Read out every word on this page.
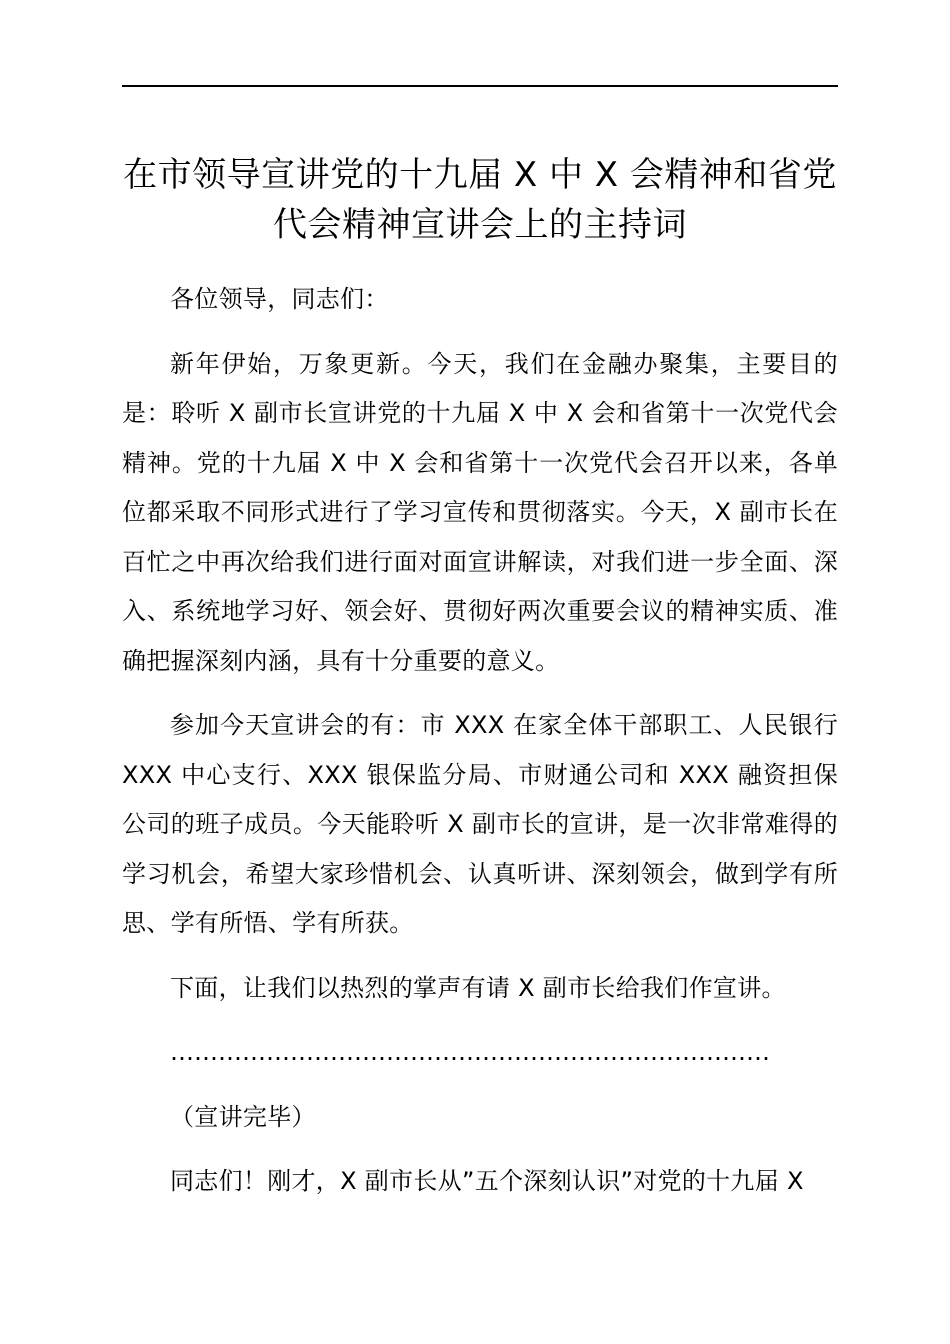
在市领导宣讲党的十九届 X 中 X 会精神和省党
代会精神宣讲会上的主持词

各位领导，同志们：

新年伊始，万象更新。今天，我们在金融办聚集，主要目的是：聆听 X 副市长宣讲党的十九届 X 中 X 会和省第十一次党代会精神。党的十九届 X 中 X 会和省第十一次党代会召开以来，各单位都采取不同形式进行了学习宣传和贯彻落实。今天，X 副市长在百忙之中再次给我们进行面对面宣讲解读，对我们进一步全面、深入、系统地学习好、领会好、贯彻好两次重要会议的精神实质、准确把握深刻内涵，具有十分重要的意义。

参加今天宣讲会的有：市 XXX 在家全体干部职工、人民银行 XXX 中心支行、XXX 银保监分局、市财通公司和 XXX 融资担保公司的班子成员。今天能聆听 X 副市长的宣讲，是一次非常难得的学习机会，希望大家珍惜机会、认真听讲、深刻领会，做到学有所思、学有所悟、学有所获。

下面，让我们以热烈的掌声有请 X 副市长给我们作宣讲。

…………………………………………………………………

（宣讲完毕）

同志们！刚才，X 副市长从”五个深刻认识”对党的十九届 X
